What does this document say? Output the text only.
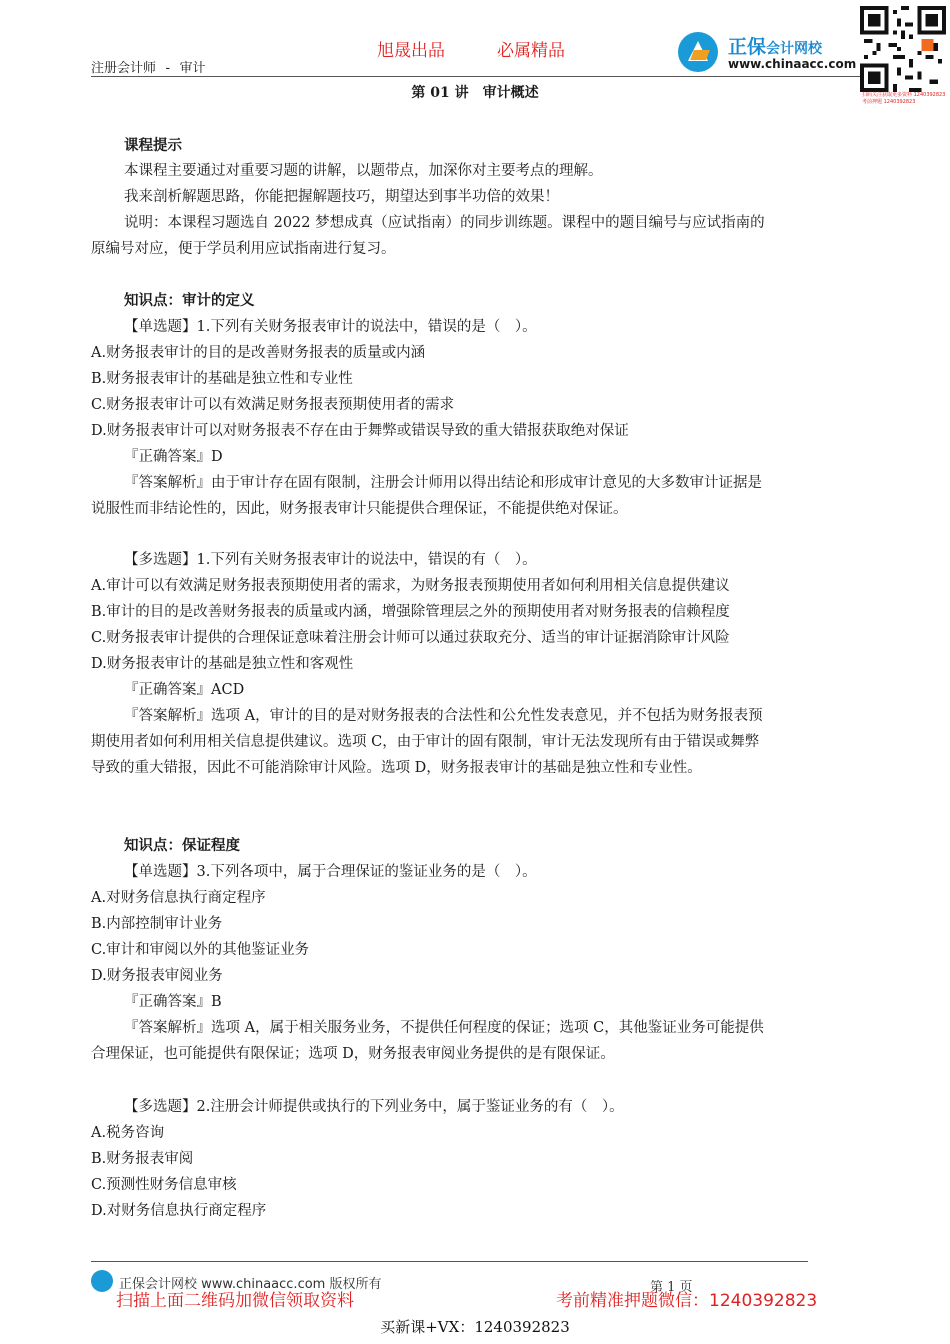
旭晟出品	必属精品
注册会计师 - 审计
第 01 讲　审计概述
正保会计网校
www.chinaacc.com
扫码关注获取更多资料 1240392823 考前押题 1240392823
课程提示
本课程主要通过对重要习题的讲解，以题带点，加深你对主要考点的理解。
我来剖析解题思路，你能把握解题技巧，期望达到事半功倍的效果！
说明：本课程习题选自 2022 梦想成真（应试指南）的同步训练题。课程中的题目编号与应试指南的
原编号对应，便于学员利用应试指南进行复习。
知识点：审计的定义
【单选题】1.下列有关财务报表审计的说法中，错误的是（　）。
A.财务报表审计的目的是改善财务报表的质量或内涵
B.财务报表审计的基础是独立性和专业性
C.财务报表审计可以有效满足财务报表预期使用者的需求
D.财务报表审计可以对财务报表不存在由于舞弊或错误导致的重大错报获取绝对保证
『正确答案』D
『答案解析』由于审计存在固有限制，注册会计师用以得出结论和形成审计意见的大多数审计证据是
说服性而非结论性的，因此，财务报表审计只能提供合理保证，不能提供绝对保证。
【多选题】1.下列有关财务报表审计的说法中，错误的有（　）。
A.审计可以有效满足财务报表预期使用者的需求，为财务报表预期使用者如何利用相关信息提供建议
B.审计的目的是改善财务报表的质量或内涵，增强除管理层之外的预期使用者对财务报表的信赖程度
C.财务报表审计提供的合理保证意味着注册会计师可以通过获取充分、适当的审计证据消除审计风险
D.财务报表审计的基础是独立性和客观性
『正确答案』ACD
『答案解析』选项 A，审计的目的是对财务报表的合法性和公允性发表意见，并不包括为财务报表预
期使用者如何利用相关信息提供建议。选项 C，由于审计的固有限制，审计无法发现所有由于错误或舞弊
导致的重大错报，因此不可能消除审计风险。选项 D，财务报表审计的基础是独立性和专业性。
知识点：保证程度
【单选题】3.下列各项中，属于合理保证的鉴证业务的是（　）。
A.对财务信息执行商定程序
B.内部控制审计业务
C.审计和审阅以外的其他鉴证业务
D.财务报表审阅业务
『正确答案』B
『答案解析』选项 A，属于相关服务业务，不提供任何程度的保证；选项 C，其他鉴证业务可能提供
合理保证，也可能提供有限保证；选项 D，财务报表审阅业务提供的是有限保证。
【多选题】2.注册会计师提供或执行的下列业务中，属于鉴证业务的有（　）。
A.税务咨询
B.财务报表审阅
C.预测性财务信息审核
D.对财务信息执行商定程序
正保会计网校 www.chinaacc.com 版权所有	第 1 页
扫描上面二维码加微信领取资料	考前精准押题微信：1240392823
买新课+VX：1240392823
